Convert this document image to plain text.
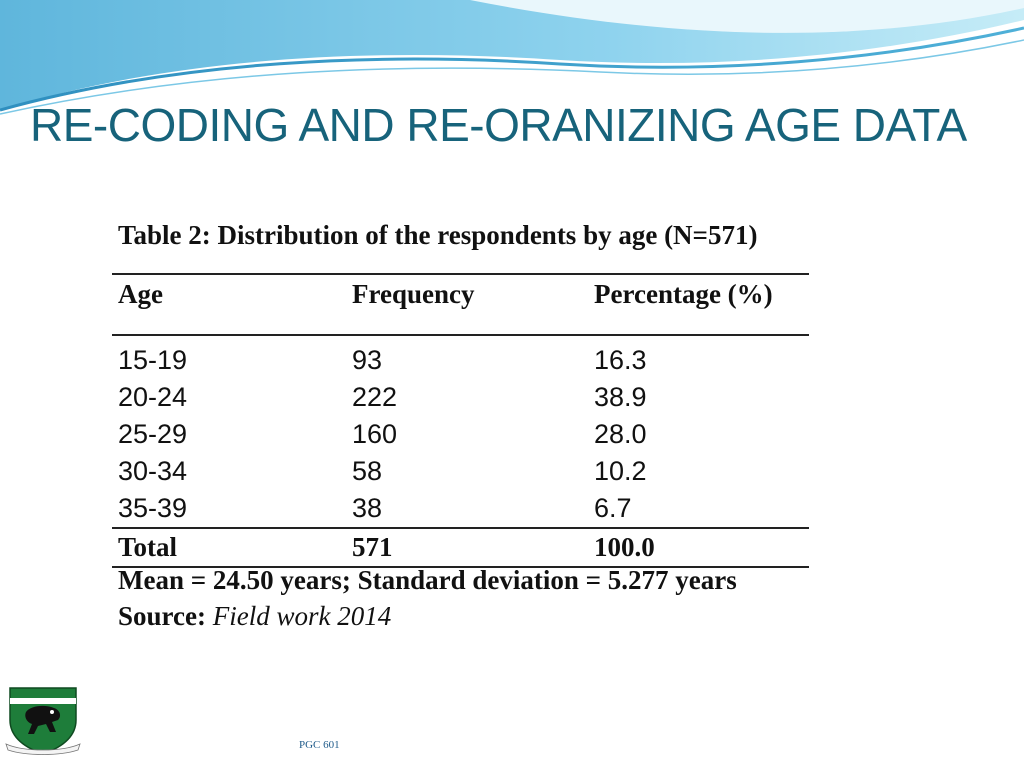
RE-CODING AND RE-ORANIZING AGE DATA
Table 2: Distribution of the respondents by age (N=571)
Age	Frequency	Percentage (%)
15-19	93	16.3
20-24	222	38.9
25-29	160	28.0
30-34	58	10.2
35-39	38	6.7
Total	571	100.0
Mean = 24.50 years; Standard deviation = 5.277 years
Source: Field work 2014
PGC 601
